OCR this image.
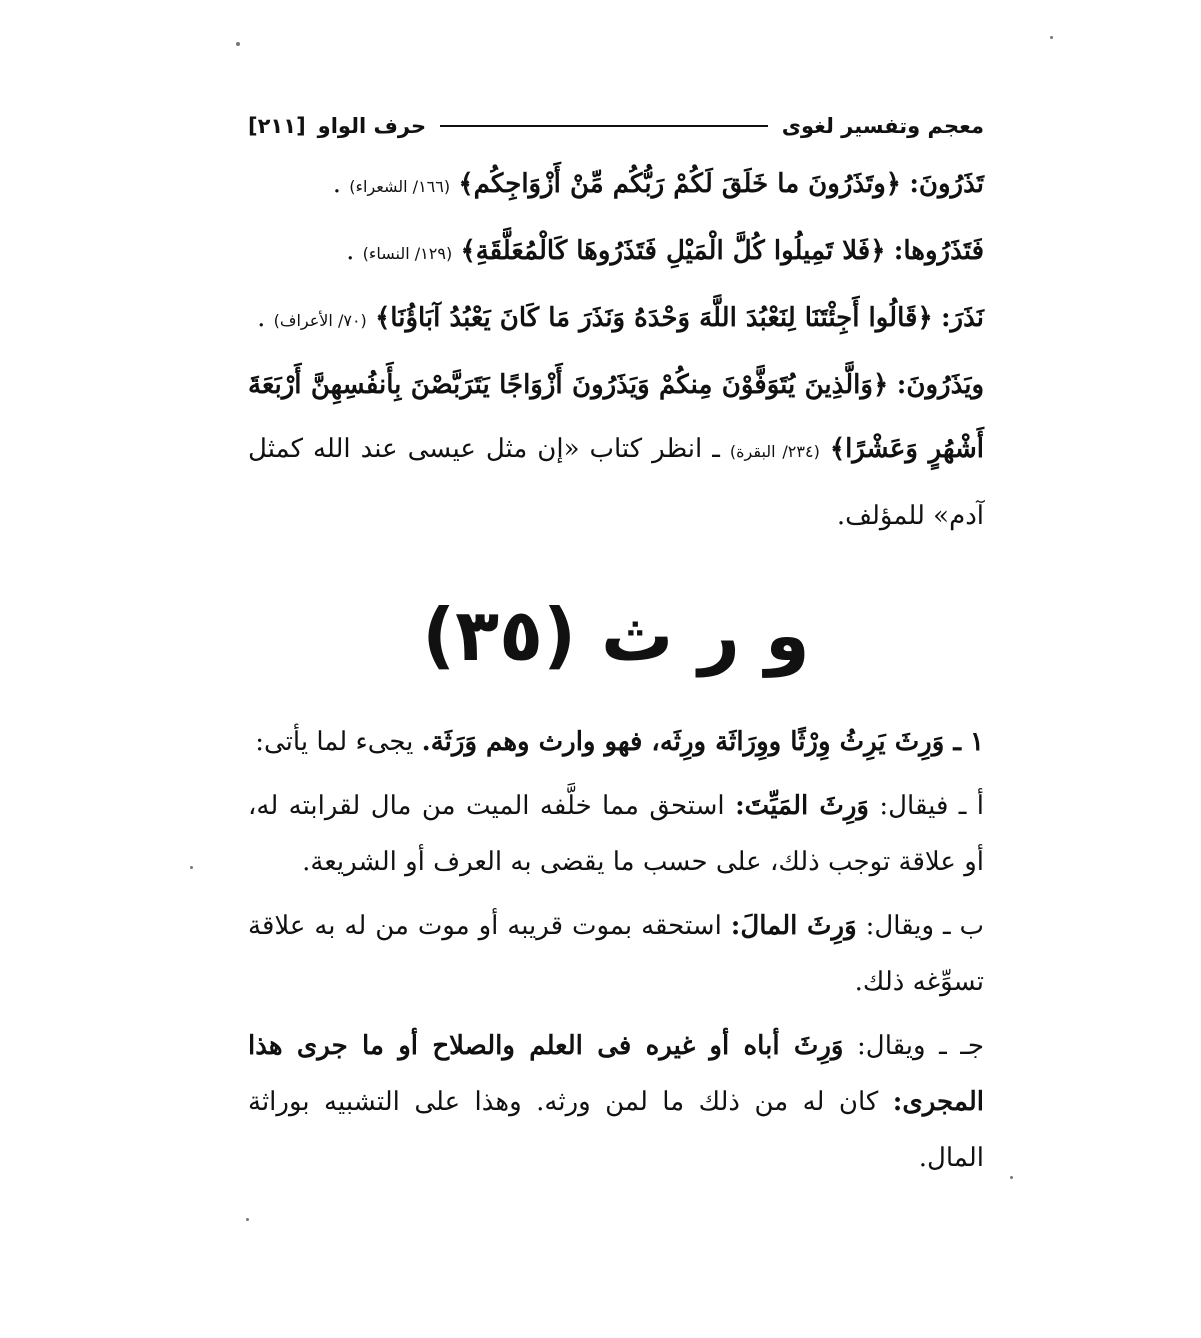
معجم وتفسير لغوى
حرف الواو
[٢١١]

تَذَرُونَ: ﴿وتَذَرُونَ ما خَلَقَ لَكُمْ رَبُّكُم مِّنْ أَزْوَاجِكُم﴾ (١٦٦/ الشعراء) .

فَتَذَرُوها: ﴿فَلا تَمِيلُوا كُلَّ الْمَيْلِ فَتَذَرُوهَا كَالْمُعَلَّقَةِ﴾ (١٢٩/ النساء) .

نَذَرَ: ﴿قَالُوا أَجِئْتَنَا لِنَعْبُدَ اللَّهَ وَحْدَهُ وَنَذَرَ مَا كَانَ يَعْبُدُ آبَاؤُنَا﴾ (٧٠/ الأعراف) .

ويَذَرُونَ: ﴿وَالَّذِينَ يُتَوَفَّوْنَ مِنكُمْ وَيَذَرُونَ أَزْوَاجًا يَتَرَبَّصْنَ بِأَنفُسِهِنَّ أَرْبَعَةَ أَشْهُرٍ وَعَشْرًا﴾ (٢٣٤/ البقرة) ـ انظر كتاب «إن مثل عيسى عند الله كمثل آدم» للمؤلف.

و ر ث (٣٥)

١ ـ وَرِثَ يَرِثُ وِرْثًا ووِرَاثَة ورِثَه، فهو وارث وهم وَرَثَة. يجىء لما يأتى:

أ ـ فيقال: وَرِثَ المَيِّتَ: استحق مما خلَّفه الميت من مال لقرابته له، أو علاقة توجب ذلك، على حسب ما يقضى به العرف أو الشريعة.

ب ـ ويقال: وَرِثَ المالَ: استحقه بموت قريبه أو موت من له به علاقة تسوِّغه ذلك.

جـ ـ ويقال: وَرِثَ أباه أو غيره فى العلم والصلاح أو ما جرى هذا المجرى: كان له من ذلك ما لمن ورثه. وهذا على التشبيه بوراثة المال.
